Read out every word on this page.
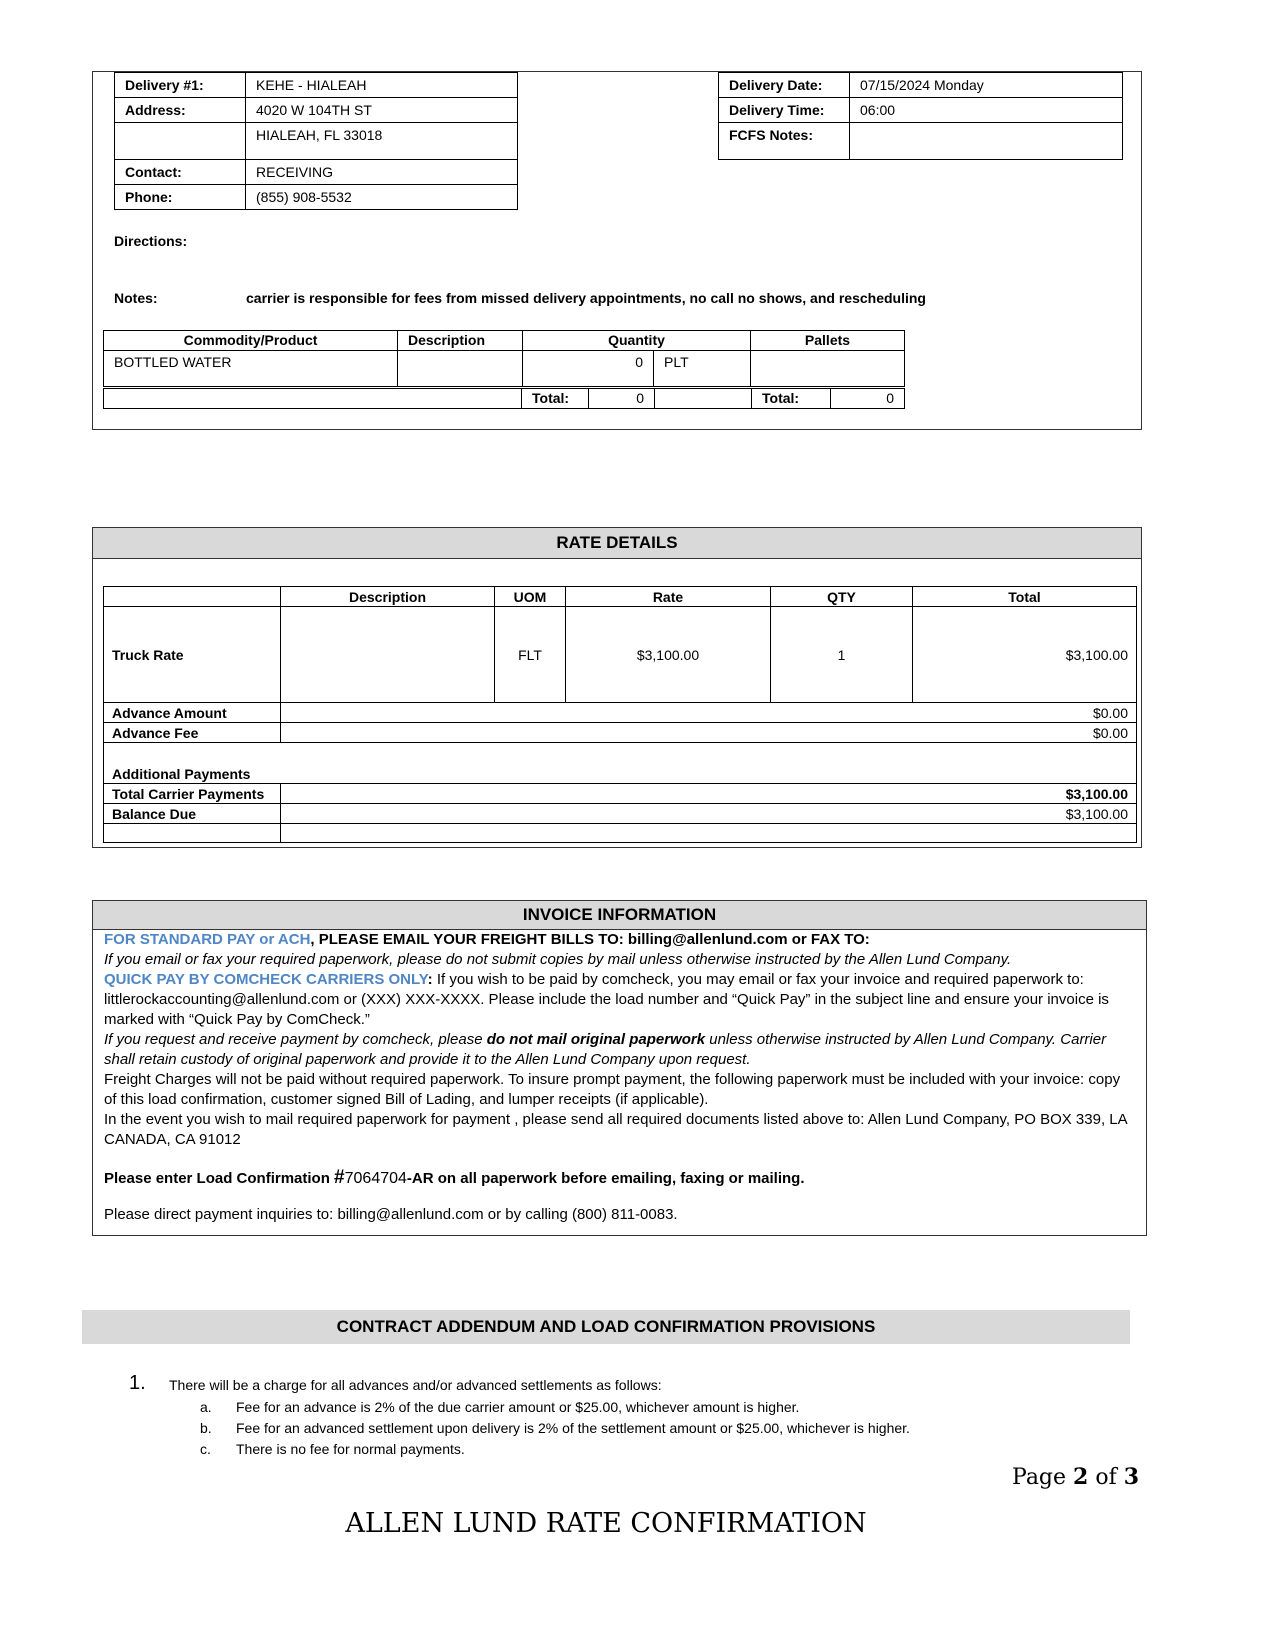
Delivery #1:	KEHE - HIALEAH
Address:	4020 W 104TH ST
	HIALEAH, FL 33018
Contact:	RECEIVING
Phone:	(855) 908-5532
Delivery Date:	07/15/2024 Monday
Delivery Time:	06:00
FCFS Notes:	
Directions:
Notes:	carrier is responsible for fees from missed delivery appointments, no call no shows, and rescheduling
Commodity/Product	Description	Quantity		Pallets
BOTTLED WATER		0	PLT	
	Total:	0		Total:	0
RATE DETAILS
	Description	UOM	Rate	QTY	Total
Truck Rate		FLT	$3,100.00	1	$3,100.00
Advance Amount	$0.00				
Advance Fee	$0.00				
Additional Payments					
Total Carrier Payments	$3,100.00				
Balance Due	$3,100.00				

INVOICE INFORMATION
FOR STANDARD PAY or ACH, PLEASE EMAIL YOUR FREIGHT BILLS TO: billing@allenlund.com or FAX TO:
If you email or fax your required paperwork, please do not submit copies by mail unless otherwise instructed by the Allen Lund Company.
QUICK PAY BY COMCHECK CARRIERS ONLY: If you wish to be paid by comcheck, you may email or fax your invoice and required paperwork to: littlerockaccounting@allenlund.com or (XXX) XXX-XXXX. Please include the load number and “Quick Pay” in the subject line and ensure your invoice is marked with “Quick Pay by ComCheck.”
If you request and receive payment by comcheck, please do not mail original paperwork unless otherwise instructed by Allen Lund Company. Carrier shall retain custody of original paperwork and provide it to the Allen Lund Company upon request.
Freight Charges will not be paid without required paperwork. To insure prompt payment, the following paperwork must be included with your invoice: copy of this load confirmation, customer signed Bill of Lading, and lumper receipts (if applicable).
In the event you wish to mail required paperwork for payment , please send all required documents listed above to: Allen Lund Company, PO BOX 339, LA CANADA, CA 91012
Please enter Load Confirmation #7064704-AR on all paperwork before emailing, faxing or mailing.
Please direct payment inquiries to: billing@allenlund.com or by calling (800) 811-0083.
CONTRACT ADDENDUM AND LOAD CONFIRMATION PROVISIONS
1. There will be a charge for all advances and/or advanced settlements as follows:
a. Fee for an advance is 2% of the due carrier amount or $25.00, whichever amount is higher.
b. Fee for an advanced settlement upon delivery is 2% of the settlement amount or $25.00, whichever is higher.
c. There is no fee for normal payments.
Page 2 of 3
ALLEN LUND RATE CONFIRMATION
